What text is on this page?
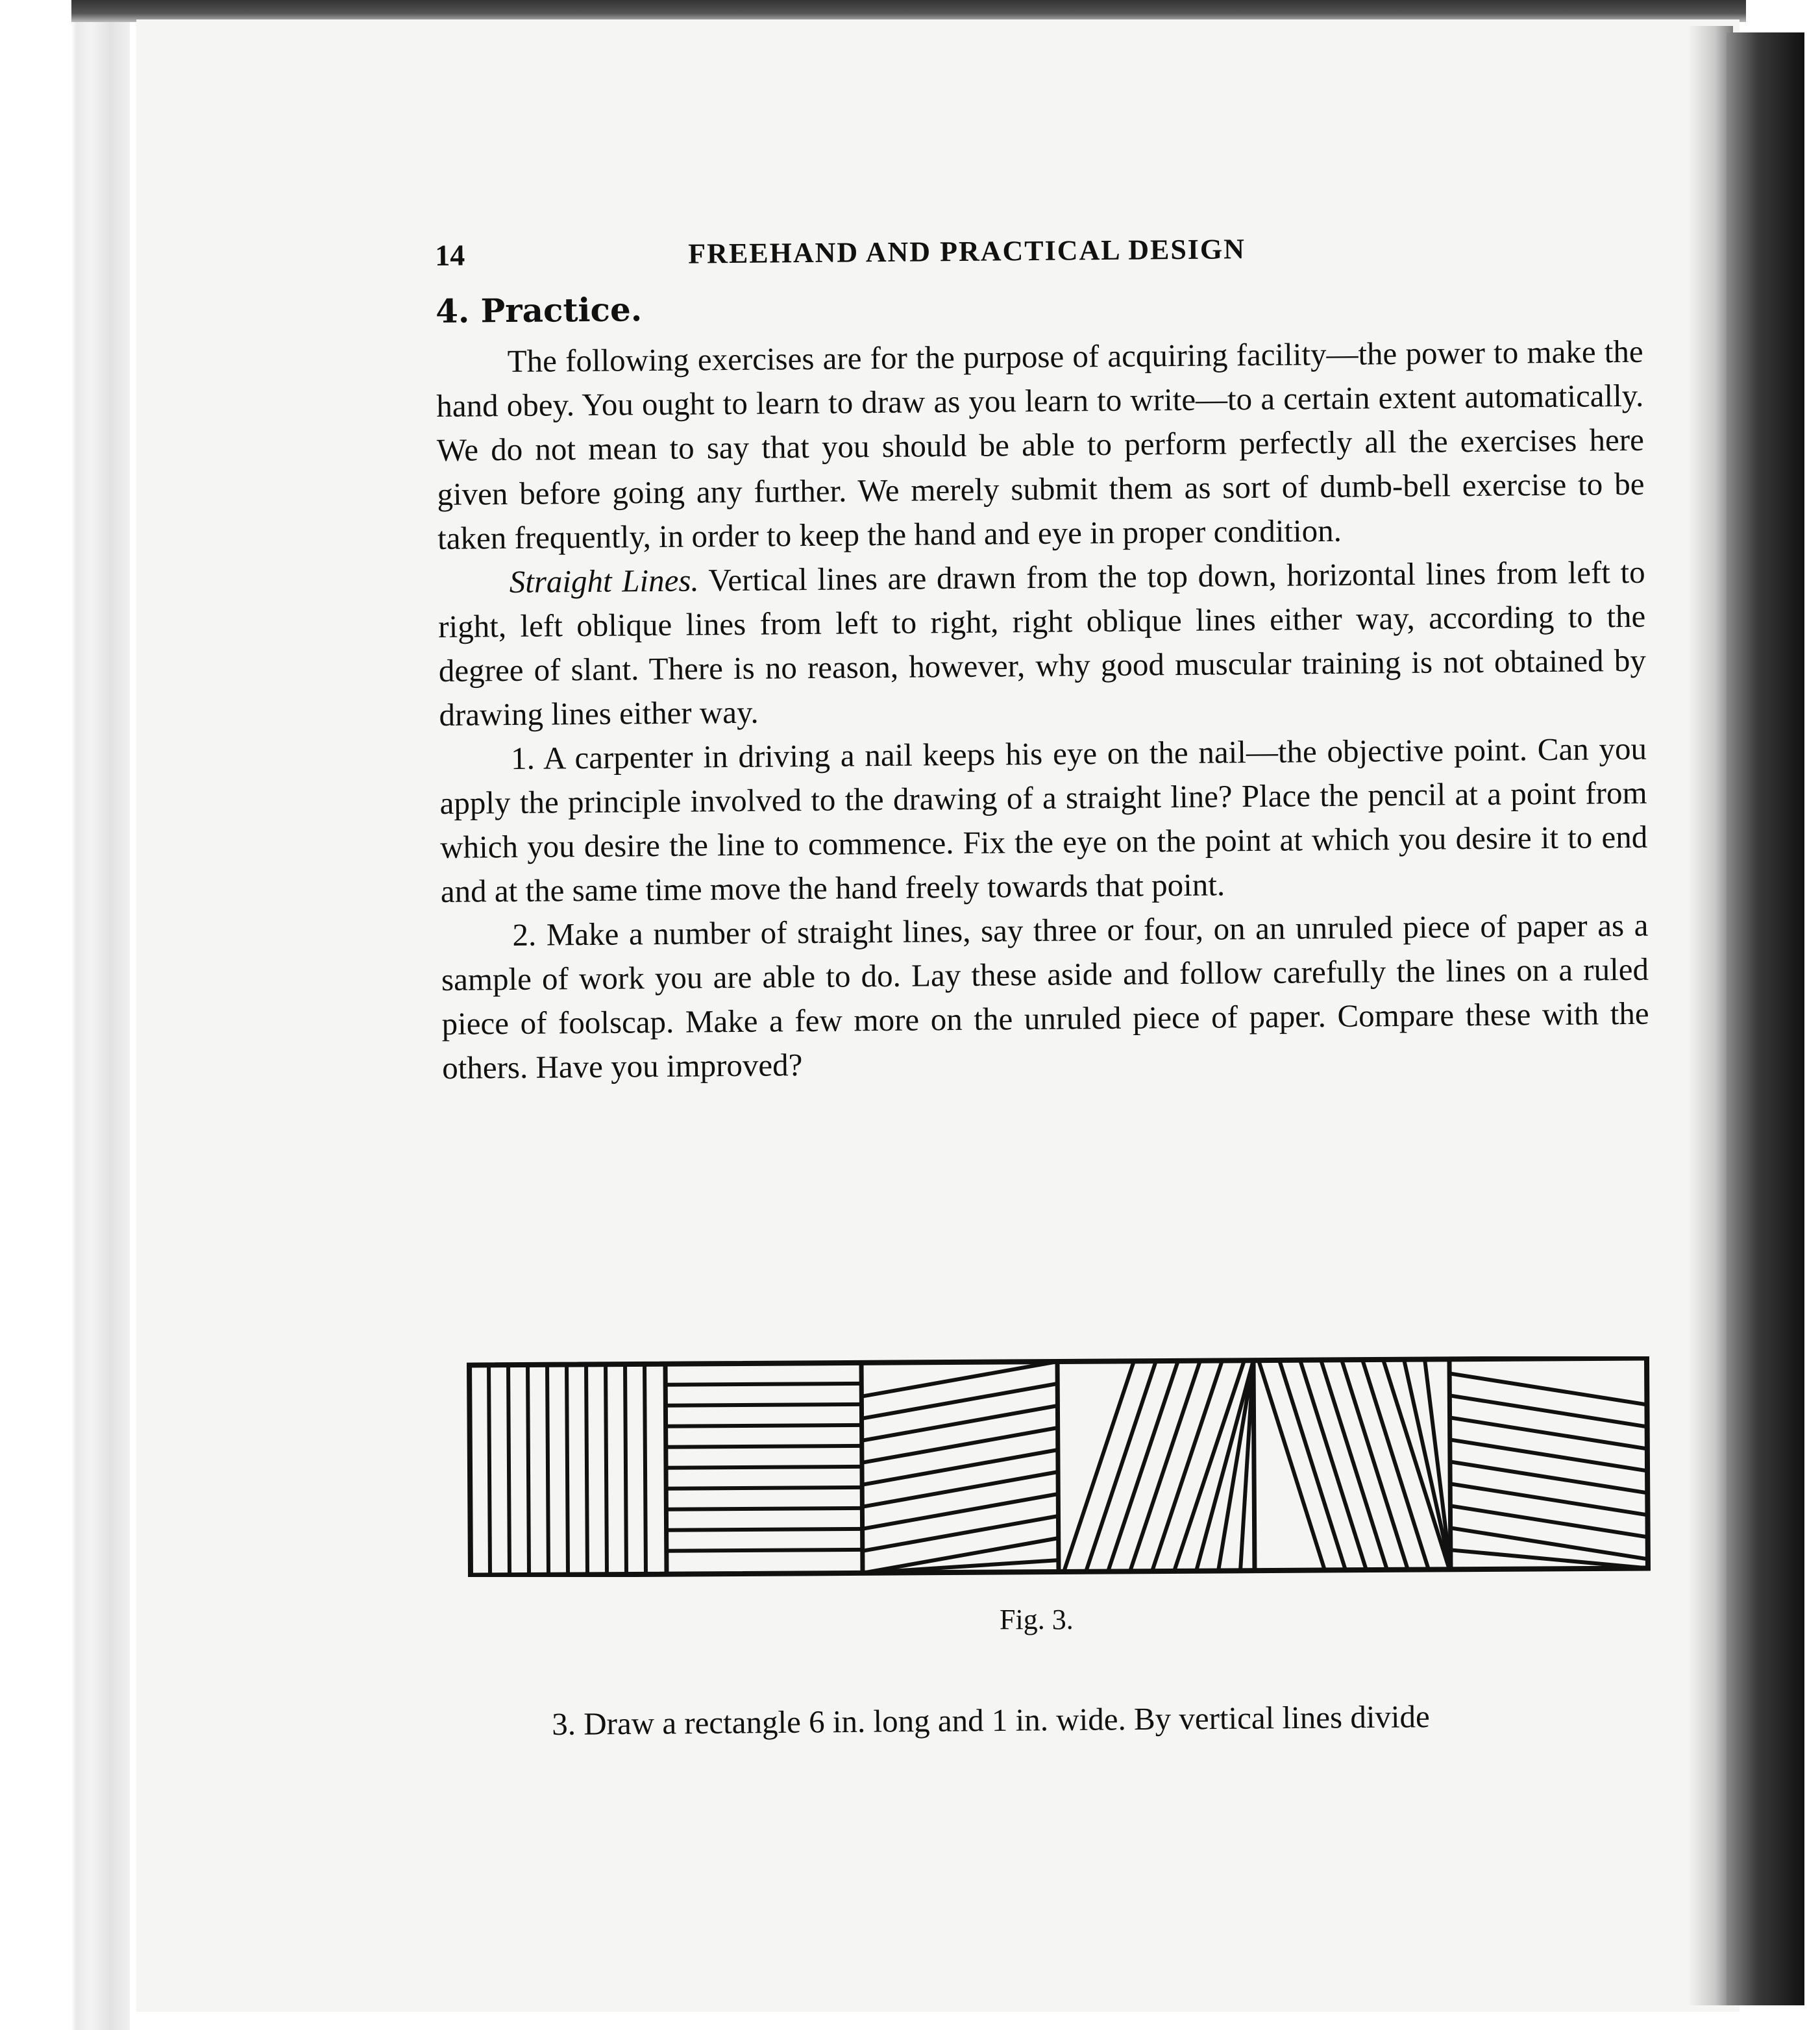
14	FREEHAND AND PRACTICAL DESIGN
4. Practice.

The following exercises are for the purpose of acquiring facility—the power to make the hand obey. You ought to learn to draw as you learn to write—to a certain extent automatically. We do not mean to say that you should be able to perform perfectly all the exercises here given before going any further. We merely submit them as sort of dumb-bell exercise to be taken frequently, in order to keep the hand and eye in proper condition.

Straight Lines. Vertical lines are drawn from the top down, horizontal lines from left to right, left oblique lines from left to right, right oblique lines either way, according to the degree of slant. There is no reason, however, why good muscular training is not obtained by drawing lines either way.

1. A carpenter in driving a nail keeps his eye on the nail—the objective point. Can you apply the principle involved to the drawing of a straight line? Place the pencil at a point from which you desire the line to commence. Fix the eye on the point at which you desire it to end and at the same time move the hand freely towards that point.

2. Make a number of straight lines, say three or four, on an unruled piece of paper as a sample of work you are able to do. Lay these aside and follow carefully the lines on a ruled piece of foolscap. Make a few more on the unruled piece of paper. Compare these with the others. Have you improved?

Fig. 3.
3. Draw a rectangle 6 in. long and 1 in. wide. By vertical lines divide
